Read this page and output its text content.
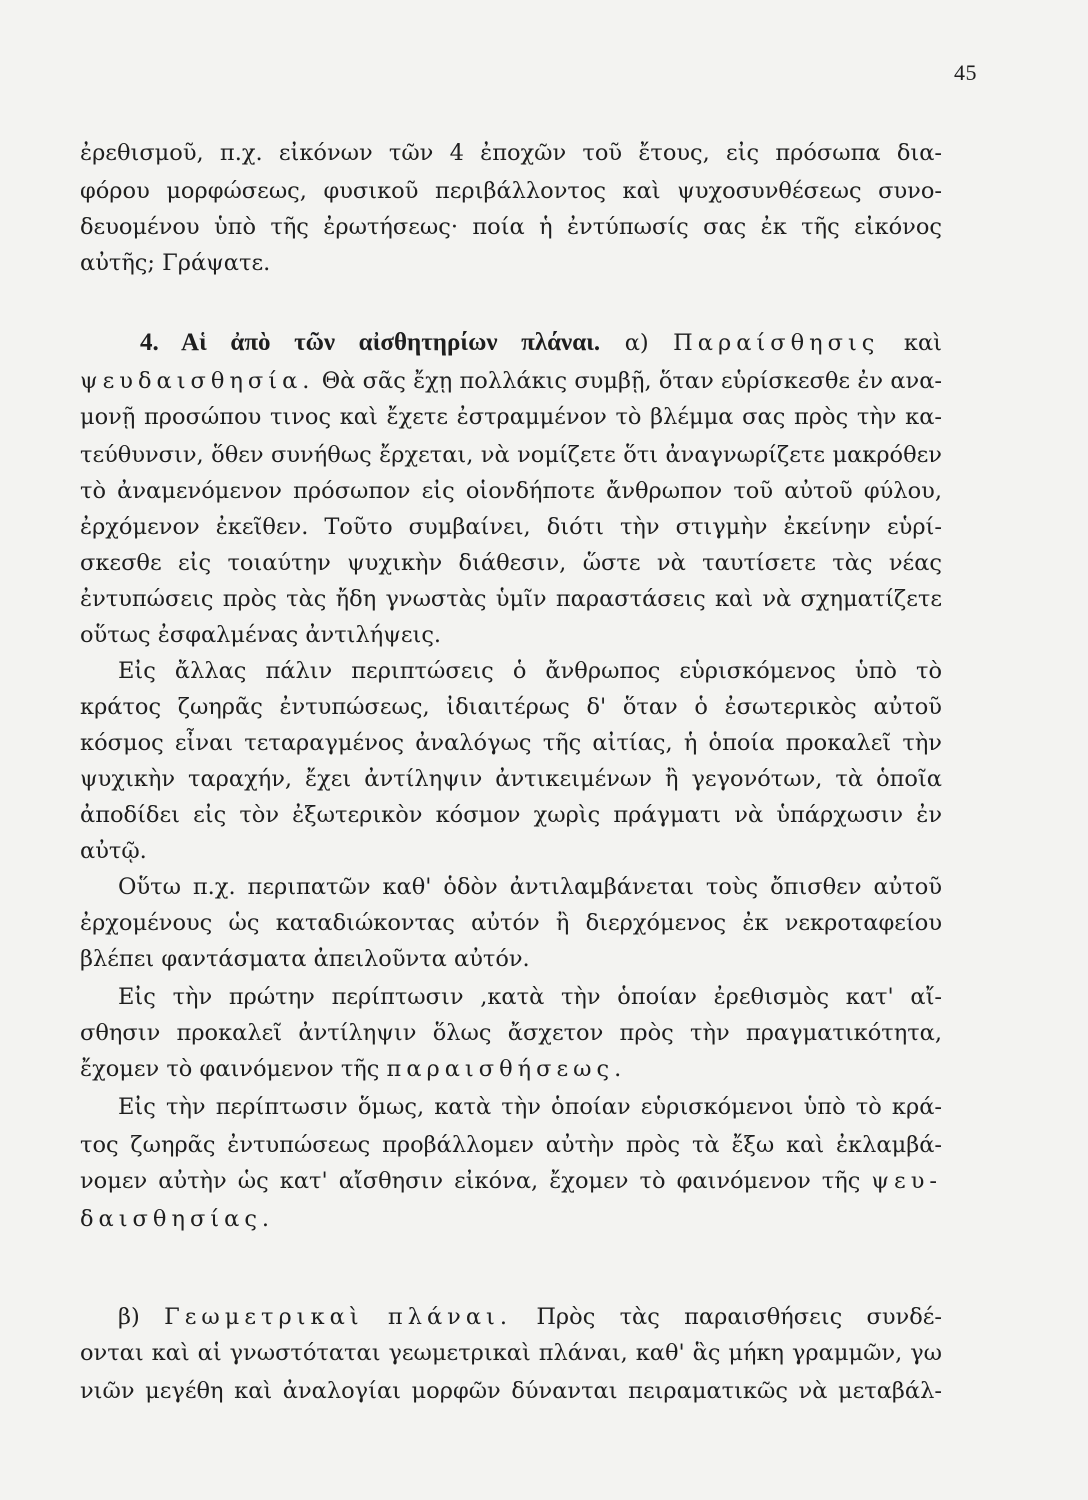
45
ἐρεθισμοῦ, π.χ. εἰκόνων τῶν 4 ἐποχῶν τοῦ ἔτους, εἰς πρόσωπα δια-
φόρου μορφώσεως, φυσικοῦ περιβάλλοντος καὶ ψυχοσυνθέσεως συνο-
δευομένου ὑπὸ τῆς ἐρωτήσεως· ποία ἡ ἐντύπωσίς σας ἐκ τῆς εἰκόνος
αὐτῆς; Γράψατε.
4. Αἱ ἀπὸ τῶν αἰσθητηρίων πλάναι. α) Παραίσθησις καὶ
ψευδαισθησία. Θὰ σᾶς ἔχῃ πολλάκις συμβῇ, ὅταν εὑρίσκεσθε ἐν ανα-
μονῇ προσώπου τινος καὶ ἔχετε ἐστραμμένον τὸ βλέμμα σας πρὸς τὴν κα-
τεύθυνσιν, ὅθεν συνήθως ἔρχεται, νὰ νομίζετε ὅτι ἀναγνωρίζετε μακρόθεν
τὸ ἀναμενόμενον πρόσωπον εἰς οἱονδήποτε ἄνθρωπον τοῦ αὐτοῦ φύλου,
ἐρχόμενον ἐκεῖθεν. Τοῦτο συμβαίνει, διότι τὴν στιγμὴν ἐκείνην εὑρί-
σκεσθε εἰς τοιαύτην ψυχικὴν διάθεσιν, ὥστε νὰ ταυτίσετε τὰς νέας
ἐντυπώσεις πρὸς τὰς ἤδη γνωστὰς ὑμῖν παραστάσεις καὶ νὰ σχηματίζετε
οὕτως ἐσφαλμένας ἀντιλήψεις.
Εἰς ἄλλας πάλιν περιπτώσεις ὁ ἄνθρωπος εὑρισκόμενος ὑπὸ τὸ
κράτος ζωηρᾶς ἐντυπώσεως, ἰδιαιτέρως δ' ὅταν ὁ ἐσωτερικὸς αὐτοῦ
κόσμος εἶναι τεταραγμένος ἀναλόγως τῆς αἰτίας, ἡ ὁποία προκαλεῖ τὴν
ψυχικὴν ταραχήν, ἔχει ἀντίληψιν ἀντικειμένων ἢ γεγονότων, τὰ ὁποῖα
ἀποδίδει εἰς τὸν ἐξωτερικὸν κόσμον χωρὶς πράγματι νὰ ὑπάρχωσιν ἐν
αὐτῷ.
Οὕτω π.χ. περιπατῶν καθ' ὁδὸν ἀντιλαμβάνεται τοὺς ὄπισθεν αὐτοῦ
ἐρχομένους ὡς καταδιώκοντας αὐτόν ἢ διερχόμενος ἐκ νεκροταφείου
βλέπει φαντάσματα ἀπειλοῦντα αὐτόν.
Εἰς τὴν πρώτην περίπτωσιν ,κατὰ τὴν ὁποίαν ἐρεθισμὸς κατ' αἴ-
σθησιν προκαλεῖ ἀντίληψιν ὅλως ἄσχετον πρὸς τὴν πραγματικότητα,
ἔχομεν τὸ φαινόμενον τῆς παραισθήσεως.
Εἰς τὴν περίπτωσιν ὅμως, κατὰ τὴν ὁποίαν εὑρισκόμενοι ὑπὸ τὸ κρά-
τος ζωηρᾶς ἐντυπώσεως προβάλλομεν αὐτὴν πρὸς τὰ ἔξω καὶ ἐκλαμβά-
νομεν αὐτὴν ὡς κατ' αἴσθησιν εἰκόνα, ἔχομεν τὸ φαινόμενον τῆς ψευ-
δαισθησίας.
β) Γεωμετρικαὶ πλάναι. Πρὸς τὰς παραισθήσεις συνδέ-
ονται καὶ αἱ γνωστόταται γεωμετρικαὶ πλάναι, καθ' ἃς μήκη γραμμῶν, γω
νιῶν μεγέθη καὶ ἀναλογίαι μορφῶν δύνανται πειραματικῶς νὰ μεταβάλ-
